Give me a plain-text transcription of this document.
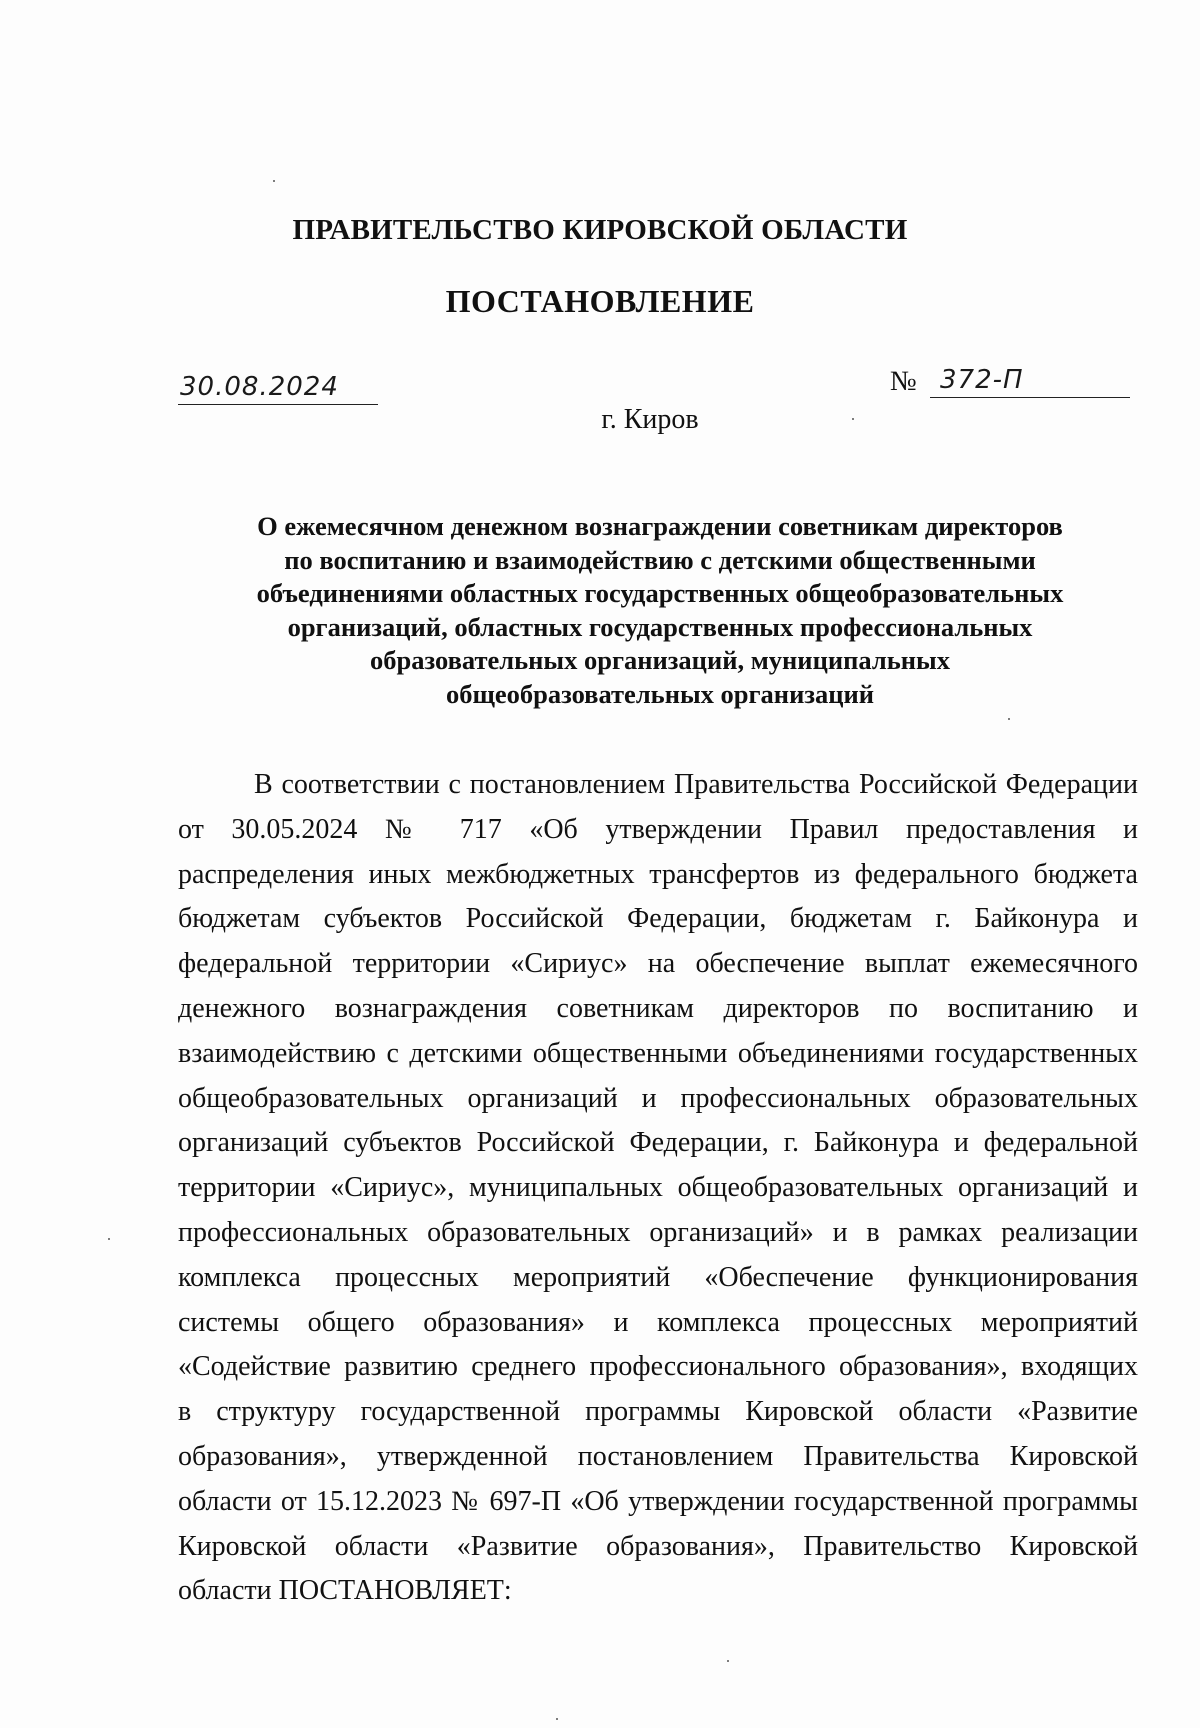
ПРАВИТЕЛЬСТВО КИРОВСКОЙ ОБЛАСТИ
ПОСТАНОВЛЕНИЕ
30.08.2024	№ 372-П
г. Киров
О ежемесячном денежном вознаграждении советникам директоров
по воспитанию и взаимодействию с детскими общественными
объединениями областных государственных общеобразовательных
организаций, областных государственных профессиональных
образовательных организаций, муниципальных
общеобразовательных организаций
В соответствии с постановлением Правительства Российской Федерации
от 30.05.2024 № 717 «Об утверждении Правил предоставления и
распределения иных межбюджетных трансфертов из федерального бюджета
бюджетам субъектов Российской Федерации, бюджетам г. Байконура и
федеральной территории «Сириус» на обеспечение выплат ежемесячного
денежного вознаграждения советникам директоров по воспитанию и
взаимодействию с детскими общественными объединениями государственных
общеобразовательных организаций и профессиональных образовательных
организаций субъектов Российской Федерации, г. Байконура и федеральной
территории «Сириус», муниципальных общеобразовательных организаций и
профессиональных образовательных организаций» и в рамках реализации
комплекса процессных мероприятий «Обеспечение функционирования
системы общего образования» и комплекса процессных мероприятий
«Содействие развитию среднего профессионального образования», входящих
в структуру государственной программы Кировской области «Развитие
образования», утвержденной постановлением Правительства Кировской
области от 15.12.2023 № 697-П «Об утверждении государственной программы
Кировской области «Развитие образования», Правительство Кировской
области ПОСТАНОВЛЯЕТ:
